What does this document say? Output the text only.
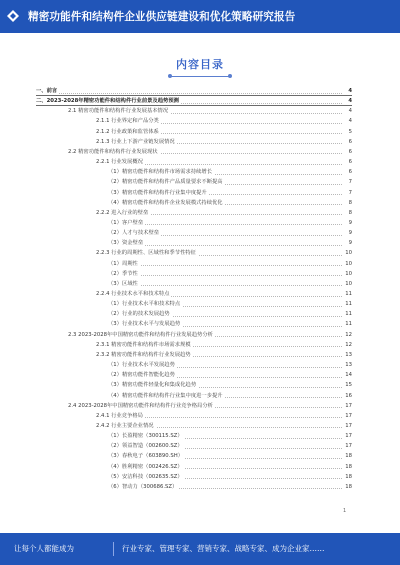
精密功能件和结构件企业供应链建设和优化策略研究报告
内容目录
一、前言	4
二、2023-2028年精密功能件和结构件行业前景及趋势预测	4
2.1 精密功能件和结构件行业发展基本情况	4
2.1.1 行业界定和产品分类	4
2.1.2 行业政策和监管体系	5
2.1.3 行业上下游产业链发展情况	6
2.2 精密功能件和结构件行业发展现状	6
2.2.1 行业发展概况	6
（1）精密功能件和结构件市场需求持续增长	6
（2）精密功能件和结构件产品质量要求不断提高	7
（3）精密功能件和结构件行业集中度提升	7
（4）精密功能件和结构件企业发展模式持续优化	8
2.2.2 进入行业的壁垒	8
（1）客户壁垒	9
（2）人才与技术壁垒	9
（3）资金壁垒	9
2.2.3 行业的周期性、区域性和季节性特征	10
（1）周期性	10
（2）季节性	10
（3）区域性	10
2.2.4 行业技术水平和技术特点	11
（1）行业技术水平和技术特点	11
（2）行业的技术发展趋势	11
（3）行业技术水平与发展趋势	11
2.3 2023-2028年中国精密功能件和结构件行业发展趋势分析	12
2.3.1 精密功能件和结构件市场需求规模	12
2.3.2 精密功能件和结构件行业发展趋势	13
（1）行业技术水平发展趋势	13
（2）精密功能件智能化趋势	14
（3）精密功能件轻量化和集成化趋势	15
（4）精密功能件和结构件行业集中度进一步提升	16
2.4 2023-2028年中国精密功能件和结构件行业竞争格局分析	17
2.4.1 行业竞争格局	17
2.4.2 行业主要企业情况	17
（1）长盈精密（300115.SZ）	17
（2）领益智造（002600.SZ）	17
（3）春秋电子（603890.SH）	18
（4）胜利精密（002426.SZ）	18
（5）安洁科技（002635.SZ）	18
（6）智动力（300686.SZ）	18
1
让每个人都能成为	行业专家、管理专家、营销专家、战略专家、成为企业家……
